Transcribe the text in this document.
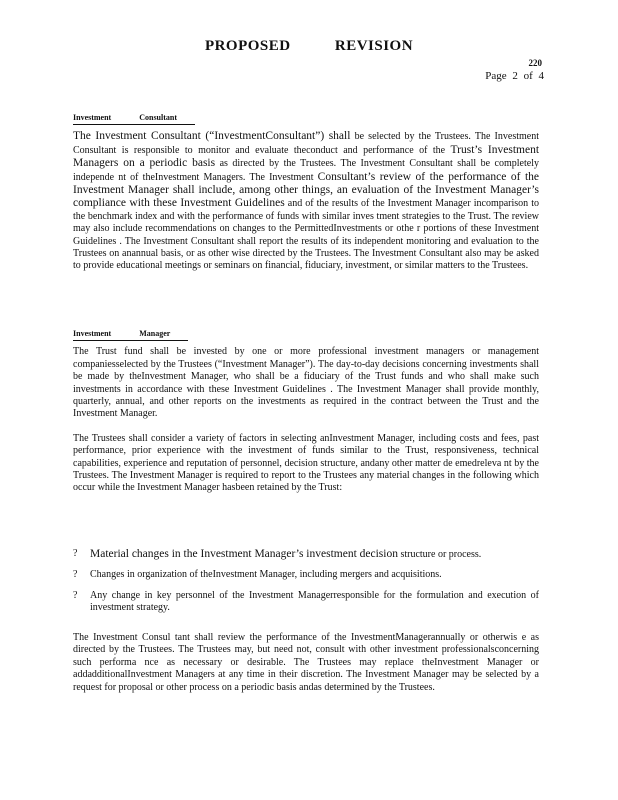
PROPOSED REVISION
220
Page 2 of 4
Investment Consultant

The Investment Consultant (“InvestmentConsultant”) shall be selected by the Trustees. The Investment Consultant is responsible to monitor and evaluate theconduct and performance of the Trust’s Investment Managers on a periodic basis as directed by the Trustees. The Investment Consultant shall be completely independe nt of theInvestment Managers. The Investment Consultant’s review of the performance of the Investment Manager shall include, among other things, an evaluation of the Investment Manager’s compliance with these Investment Guidelines and of the results of the Investment Manager incomparison to the benchmark index and with the performance of funds with similar inves tment strategies to the Trust. The review may also include recommendations on changes to the PermittedInvestments or othe r portions of these Investment Guidelines . The Investment Consultant shall report the results of its independent monitoring and evaluation to the Trustees on anannual basis, or as other wise directed by the Trustees. The Investment Consultant also may be asked to provide educational meetings or seminars on financial, fiduciary, investment, or similar matters to the Trustees.

Investment Manager

The Trust fund shall be invested by one or more professional investment managers or management companiesselected by the Trustees (“Investment Manager”). The day-to-day decisions concerning investments shall be made by theInvestment Manager, who shall be a fiduciary of the Trust funds and who shall make such investments in accordance with these Investment Guidelines . The Investment Manager shall provide monthly, quarterly, annual, and other reports on the investments as required in the contract between the Trust and the Investment Manager.

The Trustees shall consider a variety of factors in selecting anInvestment Manager, including costs and fees, past performance, prior experience with the investment of funds similar to the Trust, responsiveness, technical capabilities, experience and reputation of personnel, decision structure, andany other matter de emedreleva nt by the Trustees. The Investment Manager is required to report to the Trustees any material changes in the following which occur while the Investment Manager hasbeen retained by the Trust:

?	Material changes in the Investment Manager’s investment decision structure or process.
?	Changes in organization of theInvestment Manager, including mergers and acquisitions.
?	Any change in key personnel of the Investment Managerresponsible for the formulation and execution of investment strategy.

The Investment Consul tant shall review the performance of the InvestmentManagerannually or otherwis e as directed by the Trustees. The Trustees may, but need not, consult with other investment professionalsconcerning such performa nce as necessary or desirable. The Trustees may replace theInvestment Manager or addadditionalInvestment Managers at any time in their discretion. The Investment Manager may be selected by a request for proposal or other process on a periodic basis andas determined by the Trustees.
